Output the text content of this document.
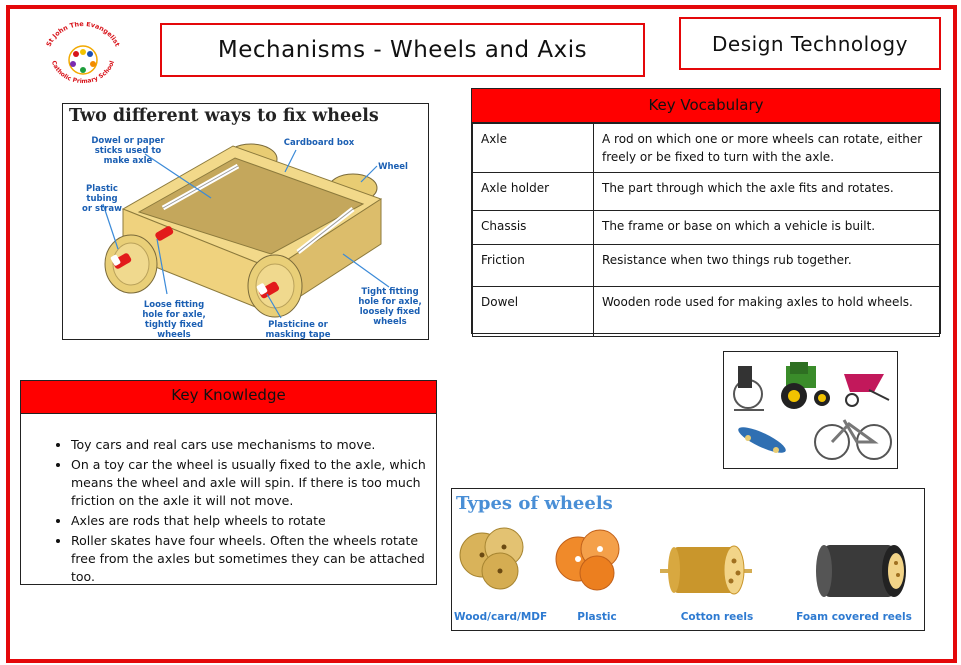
St John The Evangelist
Catholic Primary School	Mechanisms - Wheels and Axis	Design Technology
Two different ways to fix wheels
Dowel or paper sticks used to make axle
Cardboard box
Wheel
Plastic tubing or straw
Loose fitting hole for axle, tightly fixed wheels
Tight fitting hole for axle, loosely fixed wheels
Plasticine or masking tape
Key Vocabulary
Axle	A rod on which one or more wheels can rotate, either freely or be fixed to turn with the axle.
Axle holder	The part through which the axle fits and rotates.
Chassis	The frame or base on which a vehicle is built.
Friction	Resistance when two things rub together.
Dowel	Wooden rode used for making axles to hold wheels.
Key Knowledge
• Toy cars and real cars use mechanisms to move.
• On a toy car the wheel is usually fixed to the axle, which means the wheel and axle will spin. If there is too much friction on the axle it will not move.
• Axles are rods that help wheels to rotate
• Roller skates have four wheels. Often the wheels rotate free from the axles but sometimes they can be attached too.
Types of wheels
Wood/card/MDF	Plastic	Cotton reels	Foam covered reels
